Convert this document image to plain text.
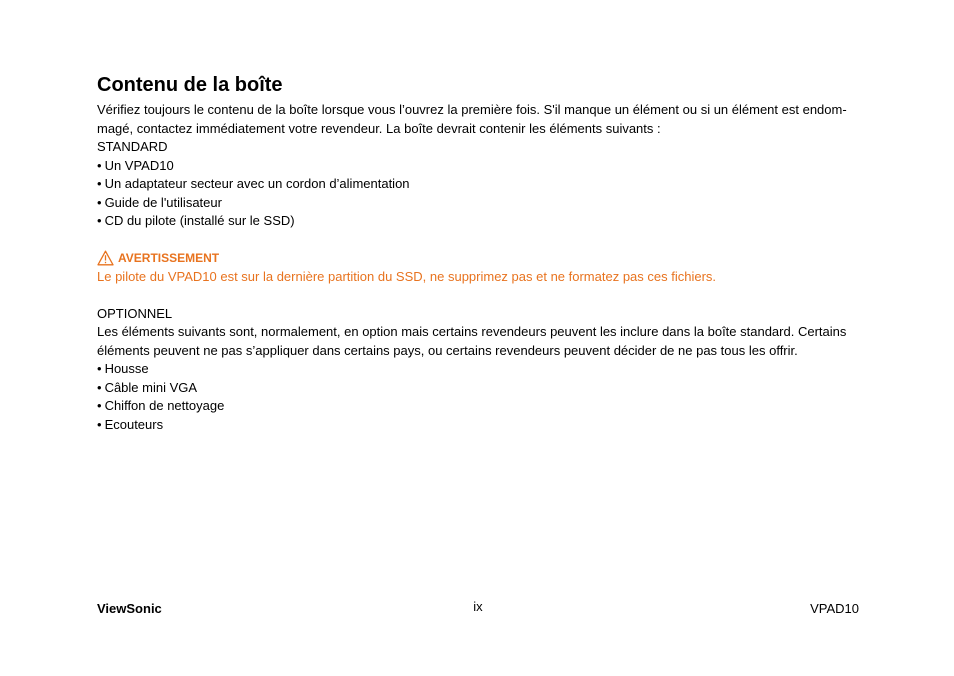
Contenu de la boîte

Vérifiez toujours le contenu de la boîte lorsque vous l’ouvrez la première fois. S'il manque un élément ou si un élément est endom-magé, contactez immédiatement votre revendeur. La boîte devrait contenir les éléments suivants :

STANDARD

• Un VPAD10
• Un adaptateur secteur avec un cordon d’alimentation
• Guide de l'utilisateur
• CD du pilote (installé sur le SSD)
AVERTISSEMENT

Le pilote du VPAD10 est sur la dernière partition du SSD, ne supprimez pas et ne formatez pas ces fichiers.

OPTIONNEL

Les éléments suivants sont, normalement, en option mais certains revendeurs peuvent les inclure dans la boîte standard. Certains éléments peuvent ne pas s’appliquer dans certains pays, ou certains revendeurs peuvent décider de ne pas tous les offrir.

• Housse
• Câble mini VGA
• Chiffon de nettoyage
• Ecouteurs
ViewSonic	ix	VPAD10
